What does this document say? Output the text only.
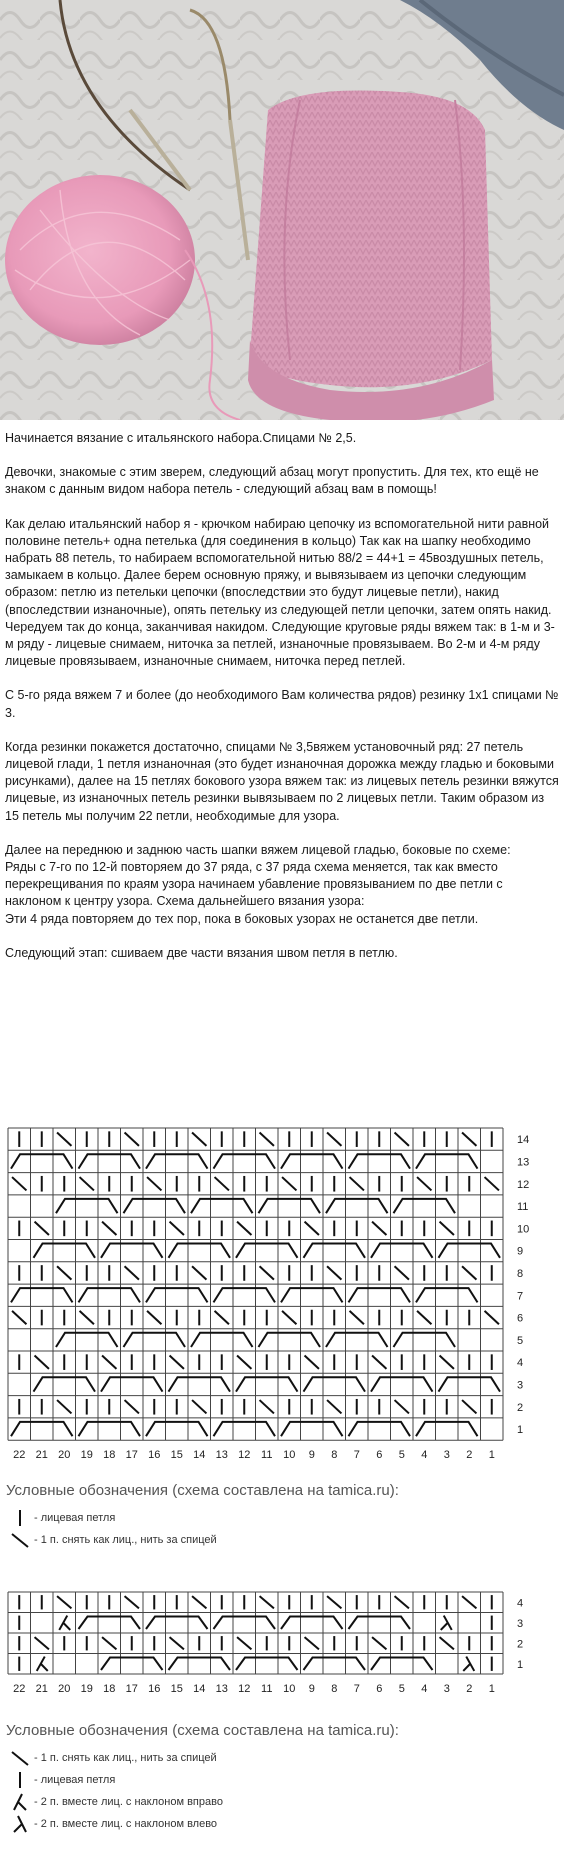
Начинается вязание с итальянского набора.Спицами № 2,5.

Девочки, знакомые с этим зверем, следующий абзац могут пропустить. Для тех, кто ещё не знаком с данным видом набора петель - следующий абзац вам в помощь!

Как делаю итальянский набор я - крючком набираю цепочку из вспомогательной нити равной половине петель+ одна петелька (для соединения в кольцо) Так как на шапку необходимо набрать 88 петель, то набираем вспомогательной нитью 88/2 = 44+1 = 45воздушных петель, замыкаем в кольцо. Далее берем основную пряжу, и вывязываем из цепочки следующим образом: петлю из петельки цепочки (впоследствии это будут лицевые петли), накид (впоследствии изнаночные), опять петельку из следующей петли цепочки, затем опять накид. Чередуем так до конца, заканчивая накидом. Следующие круговые ряды вяжем так: в 1-м и 3-м ряду - лицевые снимаем, ниточка за петлей, изнаночные провязываем. Во 2-м и 4-м ряду лицевые провязываем, изнаночные снимаем, ниточка перед петлей.

С 5-го ряда вяжем 7 и более (до необходимого Вам количества рядов) резинку 1х1 спицами № 3.

Когда резинки покажется достаточно, спицами № 3,5вяжем установочный ряд: 27 петель лицевой глади, 1 петля изнаночная (это будет изнаночная дорожка между гладью и боковыми рисунками), далее на 15 петлях бокового узора вяжем так: из лицевых петель резинки вяжутся лицевые, из изнаночных петель резинки вывязываем по 2 лицевых петли. Таким образом из 15 петель мы получим 22 петли, необходимые для узора.

Далее на переднюю и заднюю часть шапки вяжем лицевой гладью, боковые по схеме:
Ряды с 7-го по 12-й повторяем до 37 ряда, с 37 ряда схема меняется, так как вместо перекрещивания по краям узора начинаем убавление провязыванием по две петли с наклоном к центру узора. Схема дальнейшего вязания узора:
Эти 4 ряда повторяем до тех пор, пока в боковых узорах не останется две петли.

Следующий этап: сшиваем две части вязания швом петля в петлю.

14
13
12
11
10
9
8
7
6
5
4
3
2
1
22 21 20 19 18 17 16 15 14 13 12 11 10 9 8 7 6 5 4 3 2 1
Условные обозначения (схема составлена на tamica.ru):
- лицевая петля
- 1 п. снять как лиц., нить за спицей
4
3
2
1
22 21 20 19 18 17 16 15 14 13 12 11 10 9 8 7 6 5 4 3 2 1
Условные обозначения (схема составлена на tamica.ru):
- 1 п. снять как лиц., нить за спицей
- лицевая петля
- 2 п. вместе лиц. с наклоном вправо
- 2 п. вместе лиц. с наклоном влево
